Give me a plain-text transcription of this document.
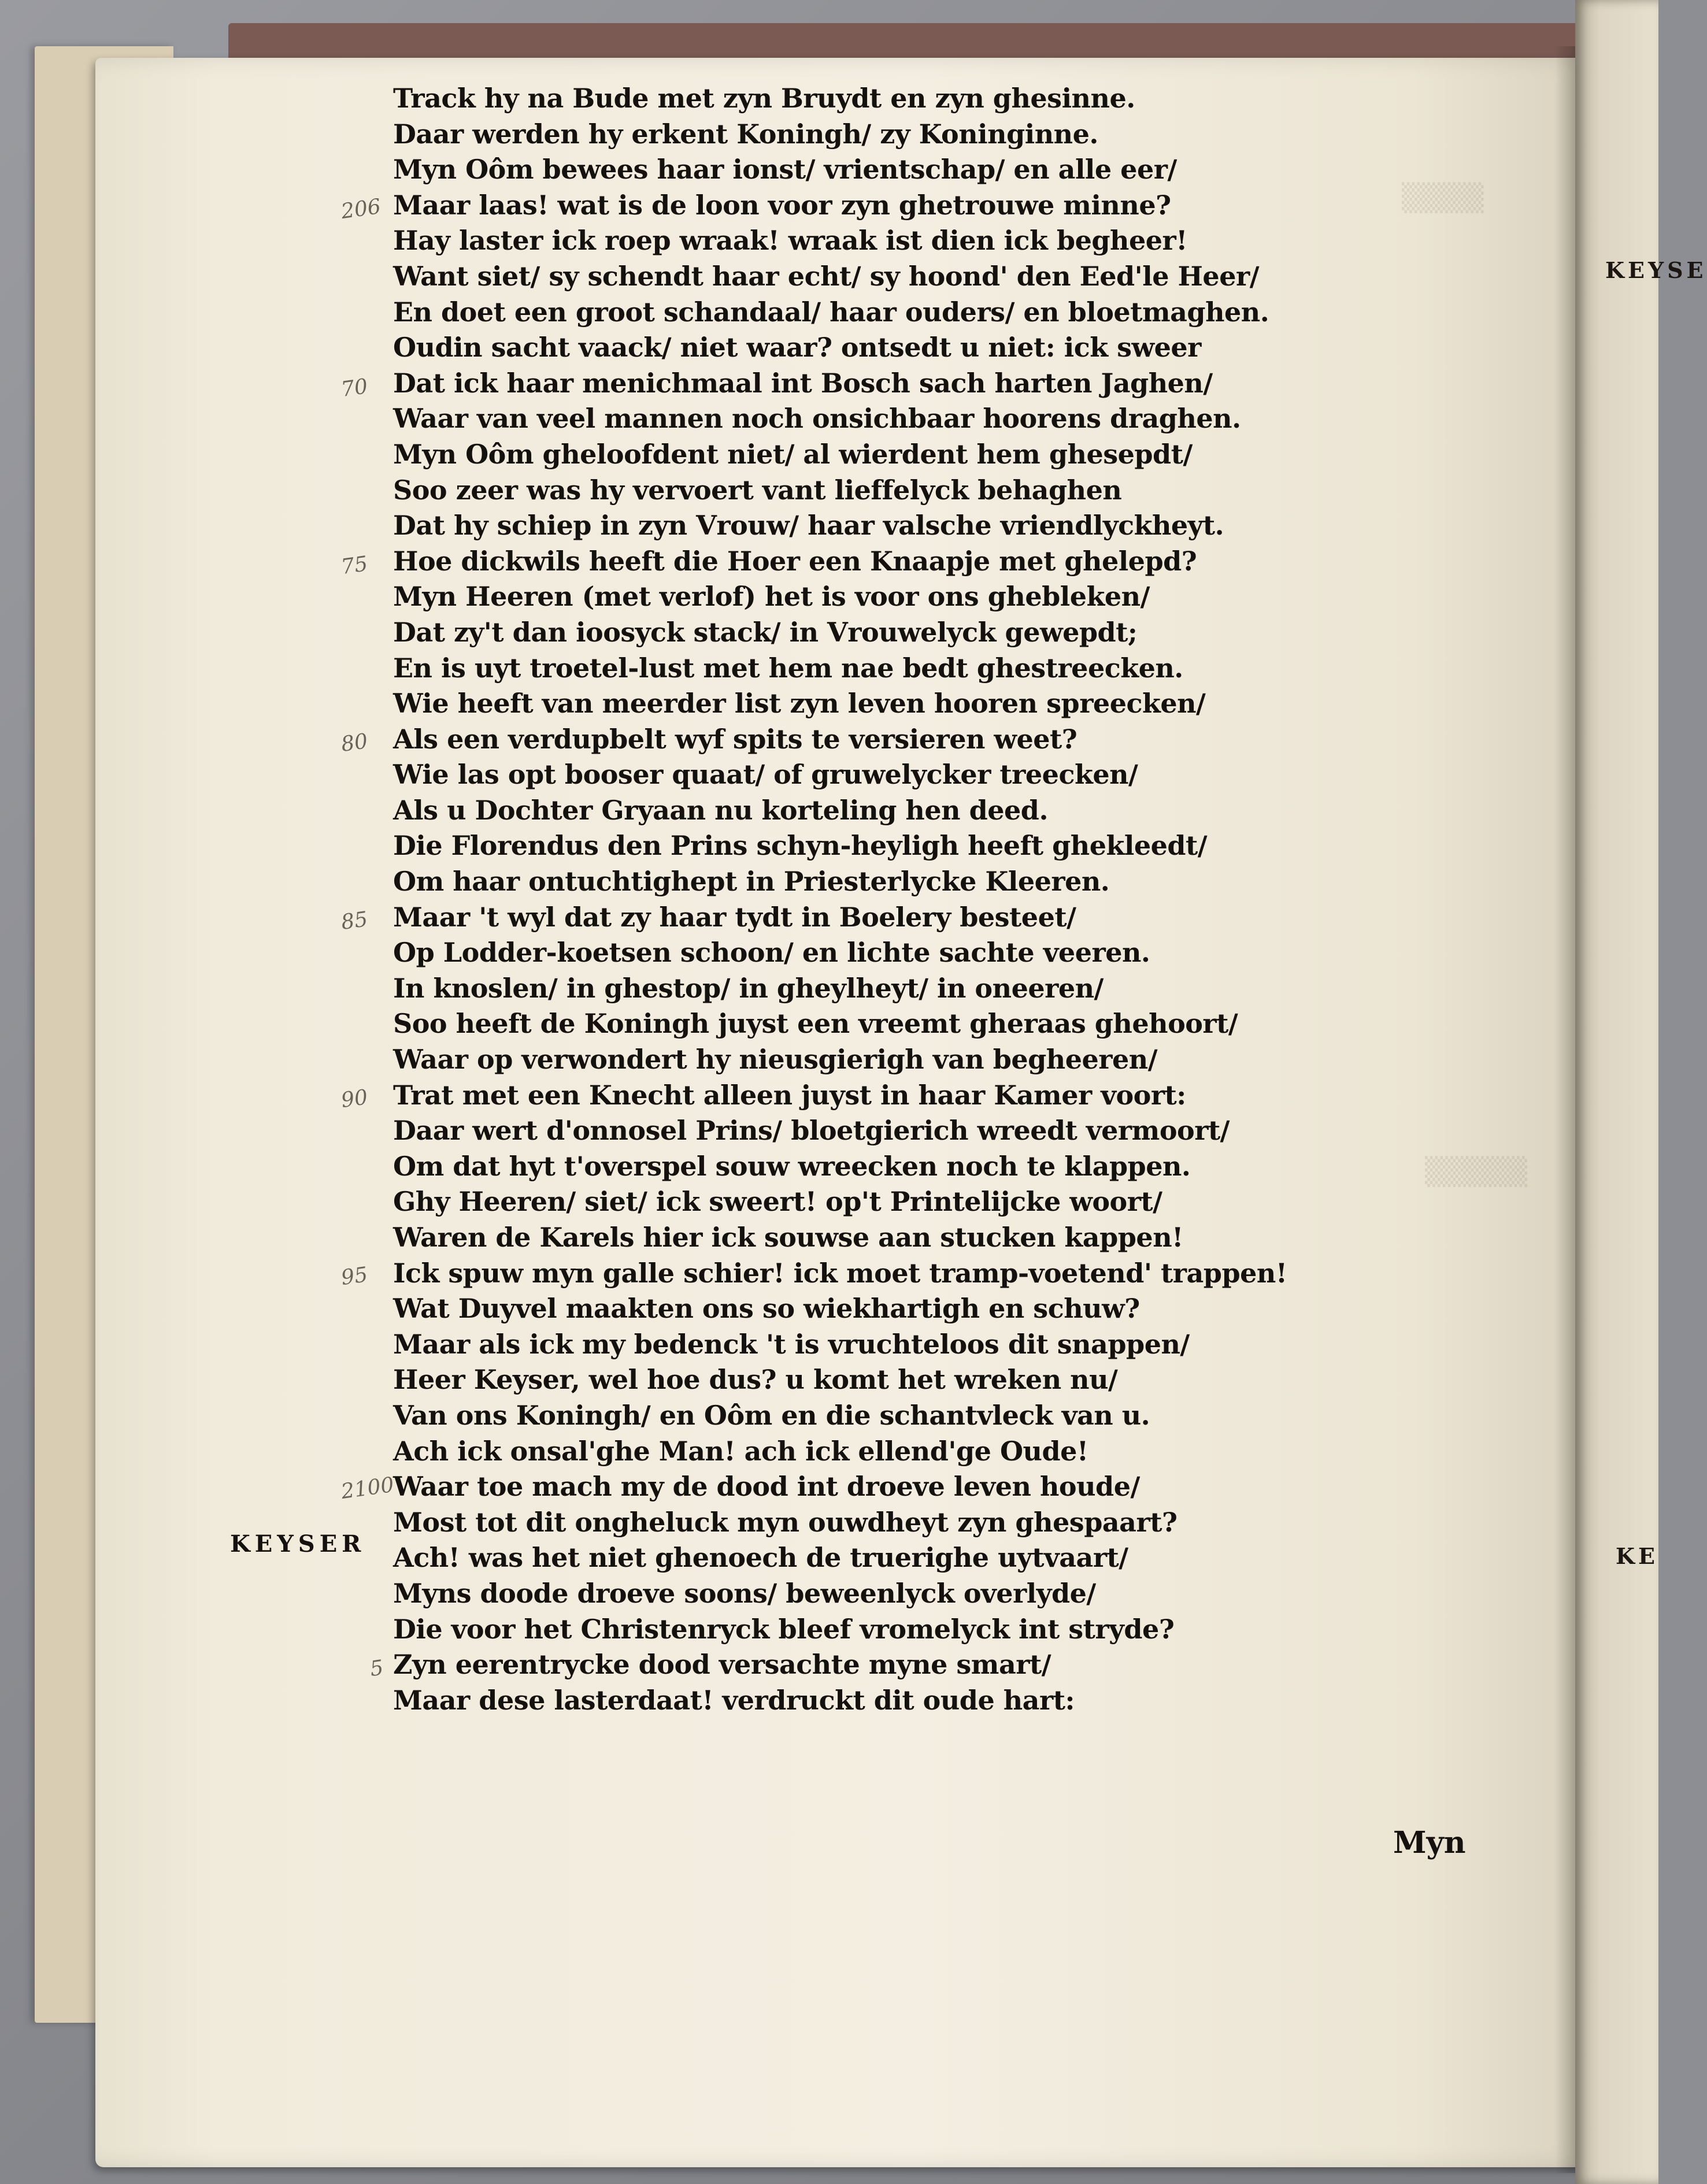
▒▒▒▒
▒▒▒▒▒
KEYSE
KE
206
70
75
80
85
90
95
2100
5
KEYSER
Track hy na Bude met zyn Bruydt en zyn ghesinne.
Daar werden hy erkent Koningh/ zy Koninginne.
Myn Oôm bewees haar ionst/ vrientschap/ en alle eer/
Maar laas! wat is de loon voor zyn ghetrouwe minne?
Hay laster ick roep wraak! wraak ist dien ick begheer!
Want siet/ sy schendt haar echt/ sy hoond' den Eed'le Heer/
En doet een groot schandaal/ haar ouders/ en bloetmaghen.
Oudin sacht vaack/ niet waar? ontsedt u niet: ick sweer
Dat ick haar menichmaal int Bosch sach harten Jaghen/
Waar van veel mannen noch onsichbaar hoorens draghen.
Myn Oôm gheloofdent niet/ al wierdent hem ghesepdt/
Soo zeer was hy vervoert vant lieffelyck behaghen
Dat hy schiep in zyn Vrouw/ haar valsche vriendlyckheyt.
Hoe dickwils heeft die Hoer een Knaapje met ghelepd?
Myn Heeren (met verlof) het is voor ons ghebleken/
Dat zy't dan ioosyck stack/ in Vrouwelyck gewepdt;
En is uyt troetel-lust met hem nae bedt ghestreecken.
Wie heeft van meerder list zyn leven hooren spreecken/
Als een verdupbelt wyf spits te versieren weet?
Wie las opt booser quaat/ of gruwelycker treecken/
Als u Dochter Gryaan nu korteling hen deed.
Die Florendus den Prins schyn-heyligh heeft ghekleedt/
Om haar ontuchtighept in Priesterlycke Kleeren.
Maar 't wyl dat zy haar tydt in Boelery besteet/
Op Lodder-koetsen schoon/ en lichte sachte veeren.
In knoslen/ in ghestop/ in gheylheyt/ in oneeren/
Soo heeft de Koningh juyst een vreemt gheraas ghehoort/
Waar op verwondert hy nieusgierigh van begheeren/
Trat met een Knecht alleen juyst in haar Kamer voort:
Daar wert d'onnosel Prins/ bloetgierich wreedt vermoort/
Om dat hyt t'overspel souw wreecken noch te klappen.
Ghy Heeren/ siet/ ick sweert! op't Printelijcke woort/
Waren de Karels hier ick souwse aan stucken kappen!
Ick spuw myn galle schier! ick moet tramp-voetend' trappen!
Wat Duyvel maakten ons so wiekhartigh en schuw?
Maar als ick my bedenck 't is vruchteloos dit snappen/
Heer Keyser, wel hoe dus? u komt het wreken nu/
Van ons Koningh/ en Oôm en die schantvleck van u.
Ach ick onsal'ghe Man! ach ick ellend'ge Oude!
Waar toe mach my de dood int droeve leven houde/
Most tot dit ongheluck myn ouwdheyt zyn ghespaart?
Ach! was het niet ghenoech de truerighe uytvaart/
Myns doode droeve soons/ beweenlyck overlyde/
Die voor het Christenryck bleef vromelyck int stryde?
Zyn eerentrycke dood versachte myne smart/
Maar dese lasterdaat! verdruckt dit oude hart:
Myn
